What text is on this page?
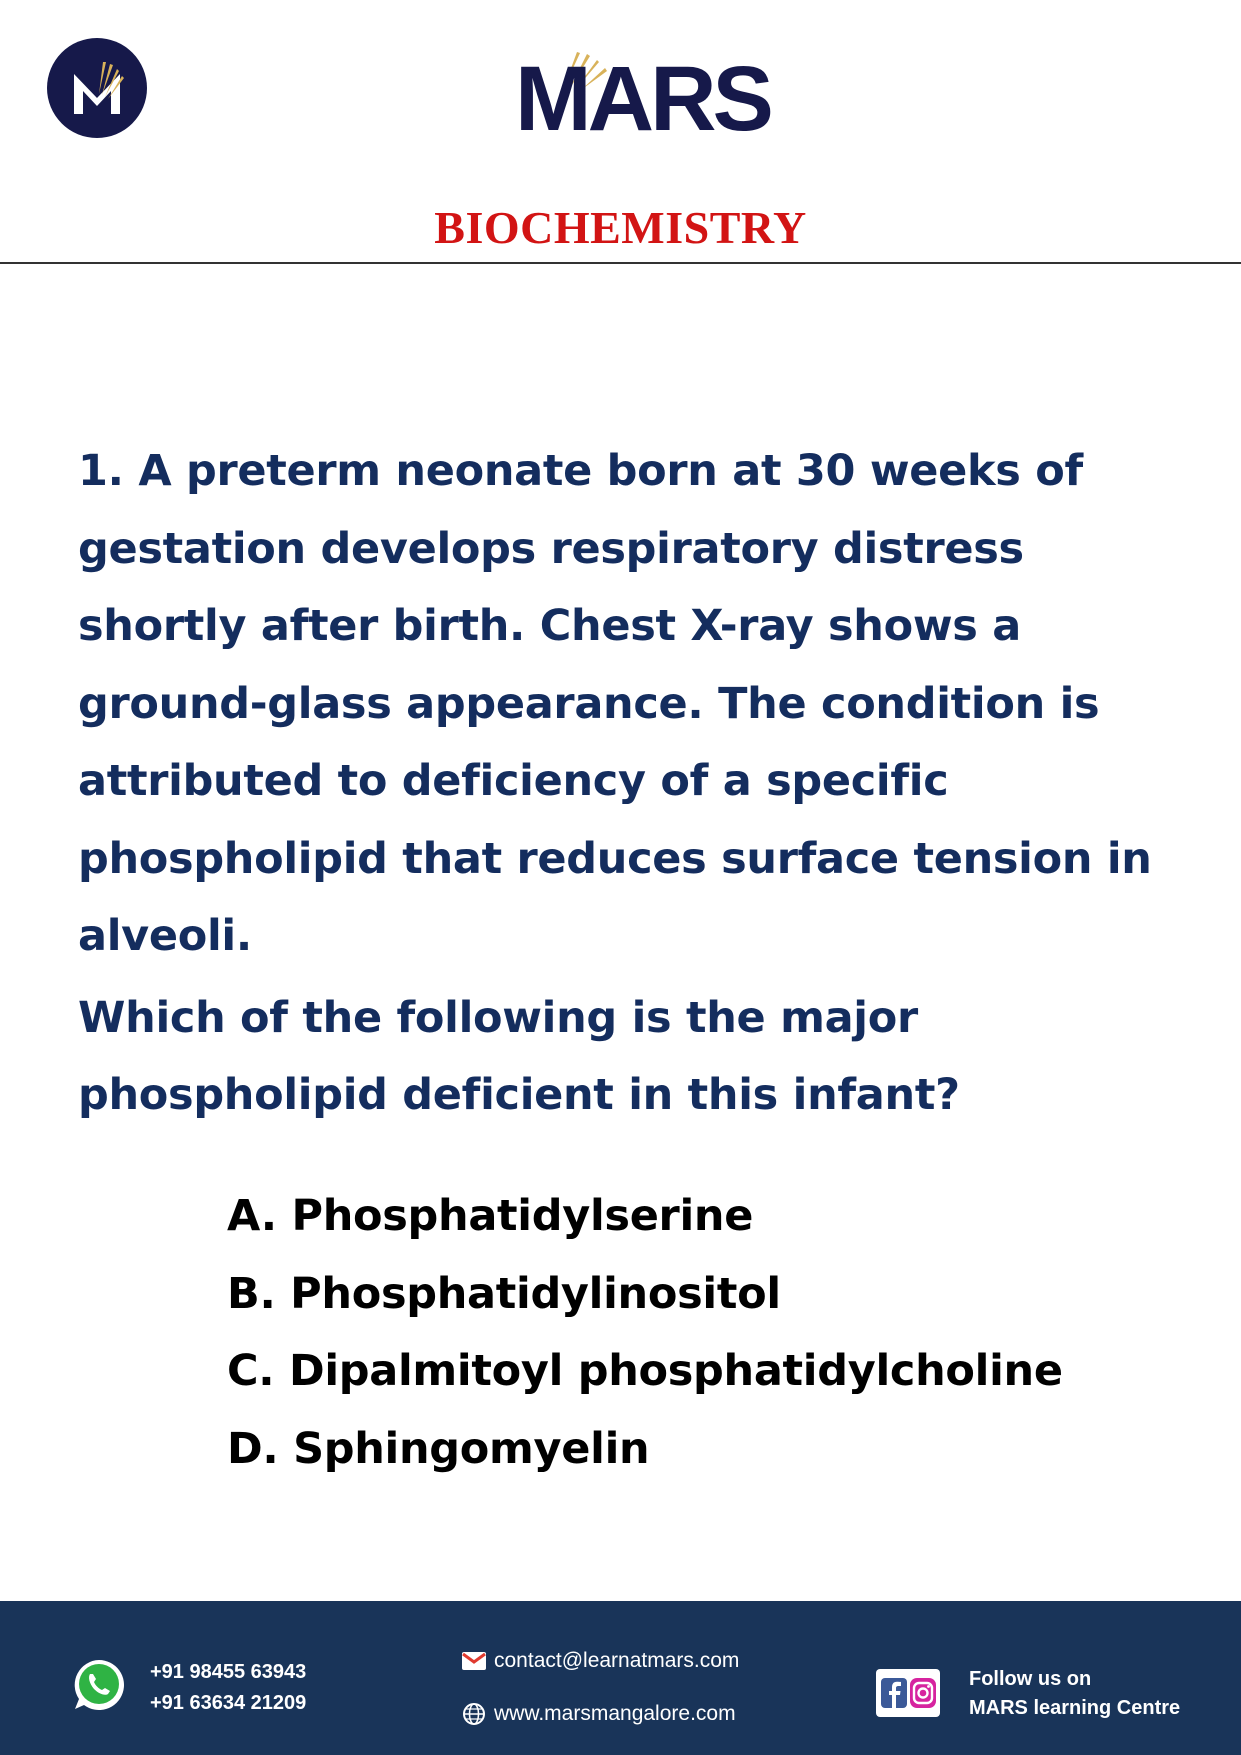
MARS
BIOCHEMISTRY

1. A preterm neonate born at 30 weeks of gestation develops respiratory distress shortly after birth. Chest X-ray shows a ground-glass appearance. The condition is attributed to deficiency of a specific phospholipid that reduces surface tension in alveoli.

Which of the following is the major phospholipid deficient in this infant?

A. Phosphatidylserine
B. Phosphatidylinositol
C. Dipalmitoyl phosphatidylcholine
D. Sphingomyelin
+91 98455 63943
+91 63634 21209
contact@learnatmars.com
www.marsmangalore.com
Follow us on
MARS learning Centre
